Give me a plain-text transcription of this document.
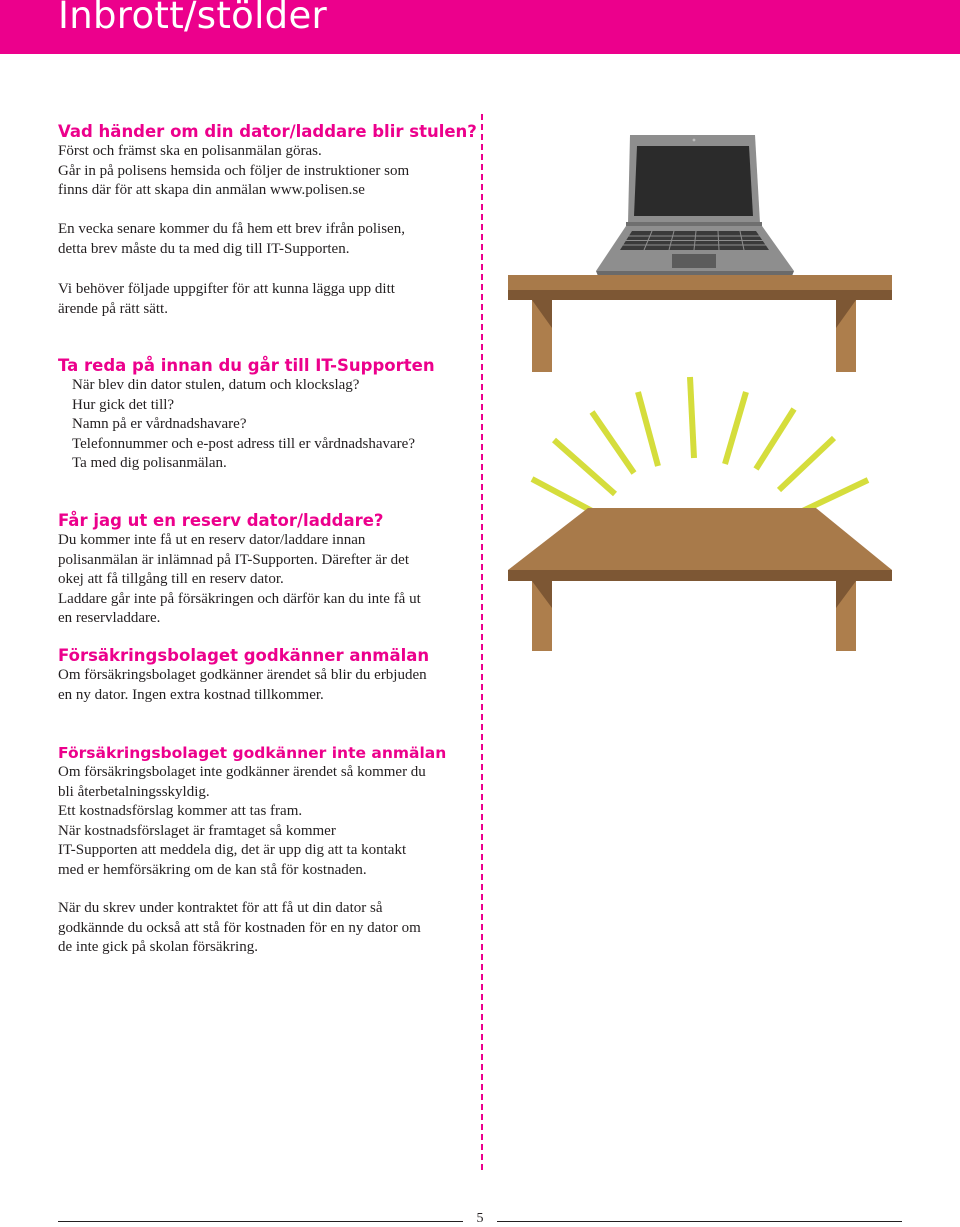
Inbrott/stölder
Vad händer om din dator/laddare blir stulen?

Först och främst ska en polisanmälan göras.
Går in på polisens hemsida och följer de instruktioner som
finns där för att skapa din anmälan www.polisen.se

En vecka senare kommer du få hem ett brev ifrån polisen,
detta brev måste du ta med dig till IT-Supporten.

Vi behöver följade uppgifter för att kunna lägga upp ditt
ärende på rätt sätt.

Ta reda på innan du går till IT-Supporten

När blev din dator stulen, datum och klockslag?
Hur gick det till?
Namn på er vårdnadshavare?
Telefonnummer och e-post adress till er vårdnadshavare?
Ta med dig polisanmälan.

Får jag ut en reserv dator/laddare?

Du kommer inte få ut en reserv dator/laddare innan
polisanmälan är inlämnad på IT-Supporten. Därefter är det
okej att få tillgång till en reserv dator.
Laddare går inte på försäkringen och därför kan du inte få ut
en reservladdare.

Försäkringsbolaget godkänner anmälan

Om försäkringsbolaget godkänner ärendet så blir du erbjuden
en ny dator. Ingen extra kostnad tillkommer.

Försäkringsbolaget godkänner inte anmälan

Om försäkringsbolaget inte godkänner ärendet så kommer du
bli återbetalningsskyldig.
Ett kostnadsförslag kommer att tas fram.
När kostnadsförslaget är framtaget så kommer
IT-Supporten att meddela dig, det är upp dig att ta kontakt
med er hemförsäkring om de kan stå för kostnaden.

När du skrev under kontraktet för att få ut din dator så
godkännde du också att stå för kostnaden för en ny dator om
de inte gick på skolan försäkring.

5
